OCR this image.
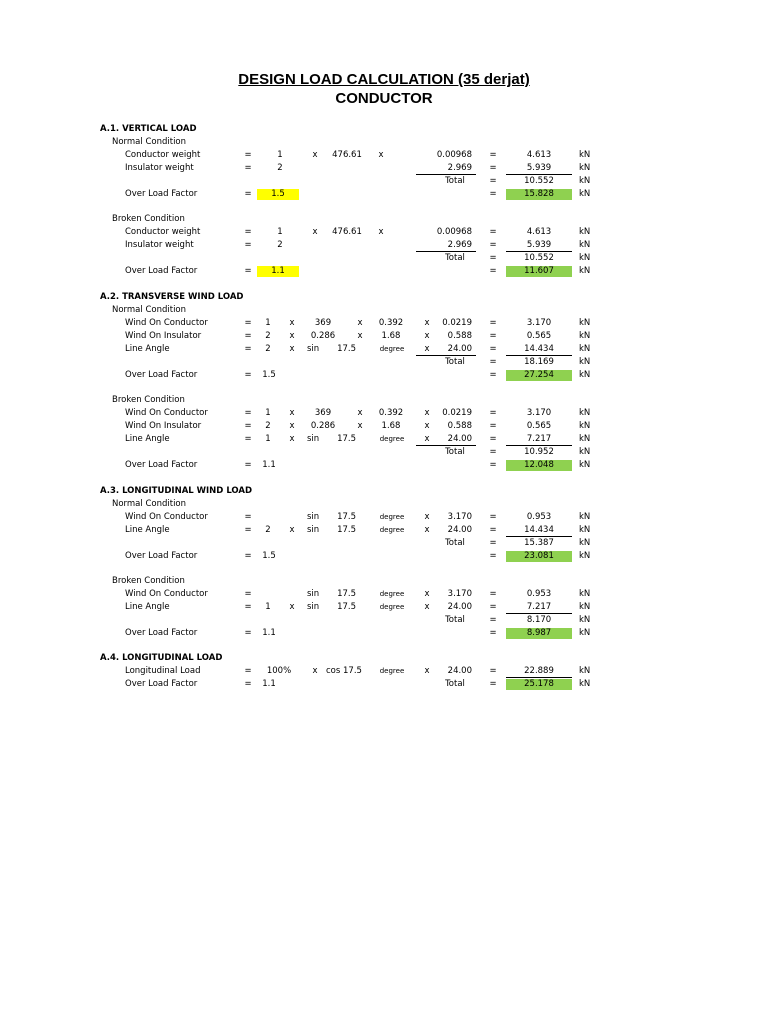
DESIGN LOAD CALCULATION (35 derjat)
CONDUCTOR
A.1. VERTICAL LOAD
Normal Condition
Broken Condition
A.2. TRANSVERSE WIND LOAD
Normal Condition
Broken Condition
A.3. LONGITUDINAL WIND LOAD
Normal Condition
Broken Condition
A.4. LONGITUDINAL LOAD
Conductor weight	=	1	x 476.61 x	0.00968 =	4.613	kN
Insulator weight	=	2	2.969 =	5.939	kN
Total	=	10.552	kN
Over Load Factor	=	1.5	=	15.828	kN
Conductor weight	=	1	x 476.61 x	0.00968 =	4.613	kN
Insulator weight	=	2	2.969 =	5.939	kN
Total	=	10.552	kN
Over Load Factor	=	1.1	=	11.607	kN
Wind On Conductor	=	1	x	369	x	0.392	x	0.0219 =	3.170	kN
Wind On Insulator	=	2	x	0.286	x	1.68	x	0.588 =	0.565	kN
Line Angle	=	2	x	sin	17.5	degree x	24.00 =	14.434	kN
Total	=	18.169	kN
Over Load Factor	= 1.5	=	27.254	kN
Wind On Conductor	=	1	x	369	x	0.392	x	0.0219 =	3.170	kN
Wind On Insulator	=	2	x	0.286	x	1.68	x	0.588 =	0.565	kN
Line Angle	=	1	x	sin	17.5	degree x	24.00 =	7.217	kN
Total	=	10.952	kN
Over Load Factor	= 1.1	=	12.048	kN
Wind On Conductor	=	sin	17.5	degree x	3.170 =	0.953	kN
Line Angle	=	2	x	sin	17.5	degree x	24.00 =	14.434	kN
Total	=	15.387	kN
Over Load Factor	= 1.5	=	23.081	kN
Wind On Conductor	=	sin	17.5	degree x	3.170 =	0.953	kN
Line Angle	=	1	x	sin	17.5	degree x	24.00 =	7.217	kN
Total	=	8.170	kN
Over Load Factor	= 1.1	=	8.987	kN
Longitudinal Load	= 100%	x cos 17.5	degree x	24.00 =	22.889	kN
Over Load Factor	= 1.1	Total	=	25.178	kN
